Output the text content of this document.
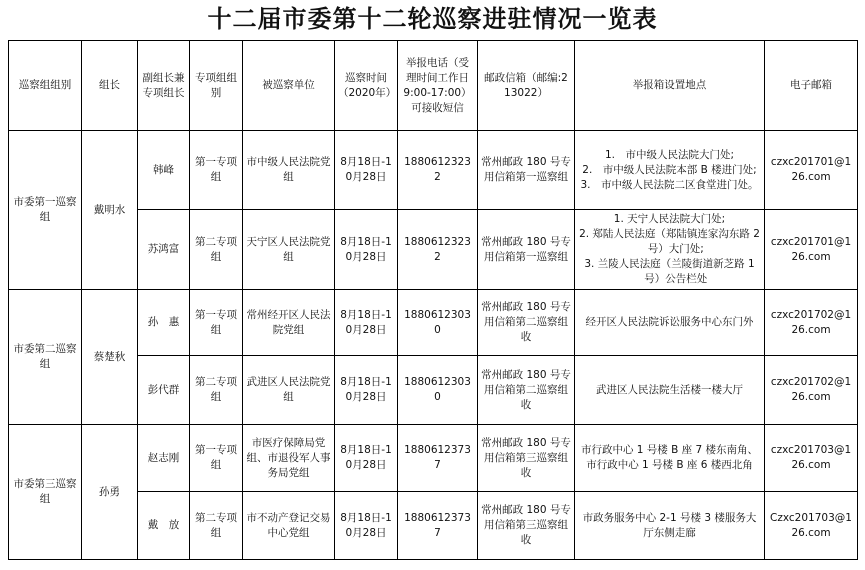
十二届市委第十二轮巡察进驻情况一览表
巡察组组别	组长	副组长兼专项组长	专项组组别	被巡察单位	巡察时间（2020年）	举报电话（受理时间工作日 9:00-17:00）可接收短信	邮政信箱（邮编:213022）	举报箱设置地点	电子邮箱
市委第一巡察组	戴明水	韩峰	第一专项组	市中级人民法院党组	8月18日-10月28日	18806123232	常州邮政 180 号专用信箱第一巡察组	1.　市中级人民法院大门处;
2.　市中级人民法院本部 B 楼进门处;
3.　市中级人民法院二区食堂进门处。	czxc201701@126.com
		苏鸿富	第二专项组	天宁区人民法院党组	8月18日-10月28日	18806123232	常州邮政 180 号专用信箱第一巡察组	1. 天宁人民法院大门处;
2. 郑陆人民法庭（郑陆镇连家沟东路 2 号）大门处;
3. 兰陵人民法庭（兰陵街道新芝路 1 号）公告栏处	czxc201701@126.com
市委第二巡察组	蔡楚秋	孙　惠	第一专项组	常州经开区人民法院党组	8月18日-10月28日	18806123030	常州邮政 180 号专用信箱第二巡察组收	经开区人民法院诉讼服务中心东门外	czxc201702@126.com
		彭代群	第二专项组	武进区人民法院党组	8月18日-10月28日	18806123030	常州邮政 180 号专用信箱第二巡察组收	武进区人民法院生活楼一楼大厅	czxc201702@126.com
市委第三巡察组	孙勇	赵志刚	第一专项组	市医疗保障局党组、市退役军人事务局党组	8月18日-10月28日	18806123737	常州邮政 180 号专用信箱第三巡察组收	市行政中心 1 号楼 B 座 7 楼东南角、市行政中心 1 号楼 B 座 6 楼西北角	czxc201703@126.com
		戴　放	第二专项组	市不动产登记交易中心党组	8月18日-10月28日	18806123737	常州邮政 180 号专用信箱第三巡察组收	市政务服务中心 2-1 号楼 3 楼服务大厅东侧走廊	Czxc201703@126.com
